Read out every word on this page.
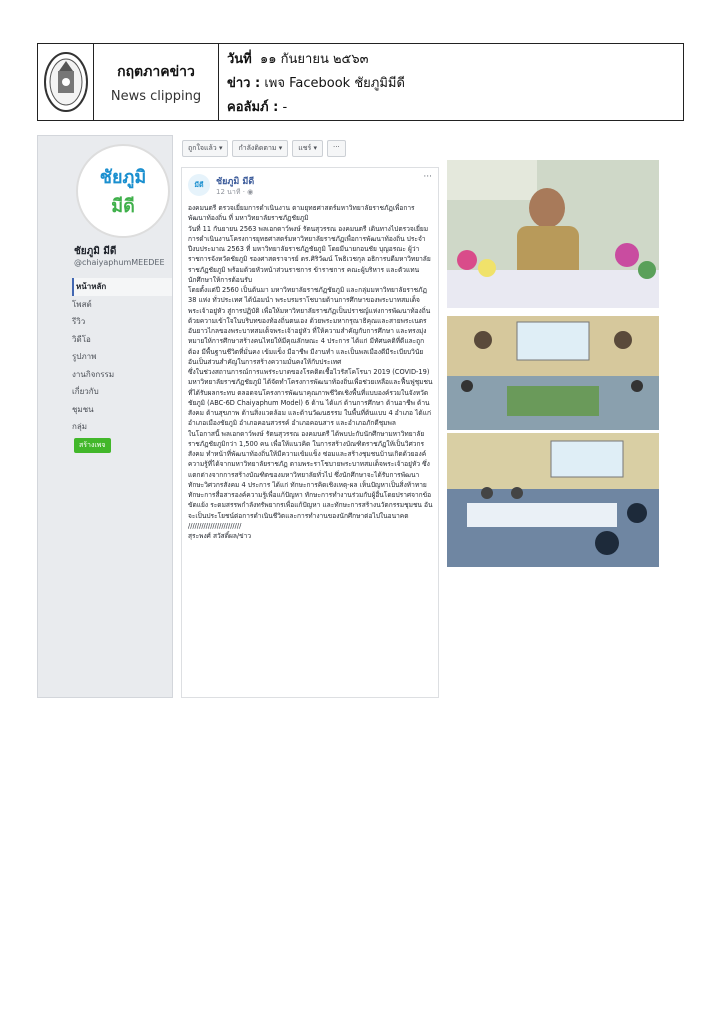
กฤตภาคข่าว
News clipping
วันที่ ๑๑ กันยายน ๒๕๖๓
ข่าว : เพจ Facebook ชัยภูมิมีดี
คอลัมภ์ : -
ชัยภูมิ
มีดี
ชัยภูมิ มีดี
@chaiyaphumMEEDEE
หน้าหลัก
โพสต์
รีวิว
วิดีโอ
รูปภาพ
งานกิจกรรม
เกี่ยวกับ
ชุมชน
กลุ่ม
สร้างเพจ
ถูกใจแล้ว ▾	กำลังติดตาม ▾	แชร์ ▾	···
มีดี	ชัยภูมิ มีดี
12 นาที · ◉
···

องคมนตรี ตรวจเยี่ยมการดำเนินงาน ตามยุทธศาสตร์มหาวิทยาลัยราชภัฏเพื่อการพัฒนาท้องถิ่น ที่ มหาวิทยาลัยราชภัฏชัยภูมิ

วันที่ 11 กันยายน 2563 พลเอกดาว์พงษ์ รัตนสุวรรณ องคมนตรี เดินทางไปตรวจเยี่ยมการดำเนินงานโครงการยุทธศาสตร์มหาวิทยาลัยราชภัฏเพื่อการพัฒนาท้องถิ่น ประจำปีงบประมาณ 2563 ที่ มหาวิทยาลัยราชภัฏชัยภูมิ โดยมีนายกอนชัย บุญอรณะ ผู้ว่าราชการจังหวัดชัยภูมิ รองศาสตราจารย์ ดร.ศิริวัฒน์ โพธิเวชกุล อธิการบดีมหาวิทยาลัยราชภัฏชัยภูมิ พร้อมด้วยหัวหน้าส่วนราชการ ข้าราชการ คณะผู้บริหาร และตัวแทนนักศึกษาให้การต้อนรับ

โดยตั้งแต่ปี 2560 เป็นต้นมา มหาวิทยาลัยราชภัฏชัยภูมิ และกลุ่มมหาวิทยาลัยราชภัฏ 38 แห่ง ทั่วประเทศ ได้น้อมนำ พระบรมราโชบายด้านการศึกษาของพระบาทสมเด็จพระเจ้าอยู่หัว สู่การปฏิบัติ เพื่อให้มหาวิทยาลัยราชภัฏเป็นปราชญ์แห่งการพัฒนาท้องถิ่นด้วยความเข้าใจในบริบทของท้องถิ่นตนเอง ด้วยพระมหากรุณาธิคุณและสายพระเนตรอันยาวไกลของพระบาทสมเด็จพระเจ้าอยู่หัว ที่ให้ความสำคัญกับการศึกษา และทรงมุ่งหมายให้การศึกษาสร้างคนไทยให้มีคุณลักษณะ 4 ประการ ได้แก่ มีทัศนคติที่ดีและถูกต้อง มีพื้นฐานชีวิตที่มั่นคง เข้มแข็ง มีอาชีพ มีงานทำ และเป็นพลเมืองดีมีระเบียบวินัย อันเป็นส่วนสำคัญในการสร้างความมั่นคงให้กับประเทศ

ซึ่งในช่วงสถานการณ์การแพร่ระบาดของโรคติดเชื้อไวรัสโคโรนา 2019 (COVID-19) มหาวิทยาลัยราชภัฏชัยภูมิ ได้จัดทำโครงการพัฒนาท้องถิ่นเพื่อช่วยเหลือและฟื้นฟูชุมชนที่ได้รับผลกระทบ ตลอดจนโครงการพัฒนาคุณภาพชีวิตเชิงพื้นที่แบบองค์รวมในจังหวัดชัยภูมิ (ABC-6D Chaiyaphum Model) 6 ด้าน ได้แก่ ด้านการศึกษา ด้านอาชีพ ด้านสังคม ด้านสุขภาพ ด้านสิ่งแวดล้อม และด้านวัฒนธรรม ในพื้นที่ต้นแบบ 4 อำเภอ ได้แก่ อำเภอเมืองชัยภูมิ อำเภอคอนสวรรค์ อำเภอคอนสาร และอำเภอภักดีชุมพล

ในโอกาสนี้ พลเอกดาว์พงษ์ รัตนสุวรรณ องคมนตรี ได้พบปะกับนักศึกษามหาวิทยาลัยราชภัฏชัยภูมิกว่า 1,500 คน เพื่อให้แนวคิด ในการสร้างบัณฑิตราชภัฏให้เป็นวิศวกรสังคม ทำหน้าที่พัฒนาท้องถิ่นให้มีความเข้มแข็ง ซ่อมและสร้างชุมชนบ้านเกิดด้วยองค์ความรู้ที่ได้จากมหาวิทยาลัยราชภัฏ ตามพระราโชบายพระบาทสมเด็จพระเจ้าอยู่หัว ซึ่งแตกต่างจากการสร้างบัณฑิตของมหาวิทยาลัยทั่วไป ซึ่งนักศึกษาจะได้รับการพัฒนาทักษะวิศวกรสังคม 4 ประการ ได้แก่ ทักษะการคิดเชิงเหตุ-ผล เห็นปัญหาเป็นสิ่งท้าทาย ทักษะการสื่อสารองค์ความรู้เพื่อแก้ปัญหา ทักษะการทำงานร่วมกับผู้อื่นโดยปราศจากข้อขัดแย้ง ระดมสรรพกำลังทรัพยากรเพื่อแก้ปัญหา และทักษะการสร้างนวัตกรรมชุมชน อันจะเป็นประโยชน์ต่อการดำเนินชีวิตและการทำงานของนักศึกษาต่อไปในอนาคต

////////////////////////

สุระพงศ์ สวัสดิ์ผล/ข่าว
